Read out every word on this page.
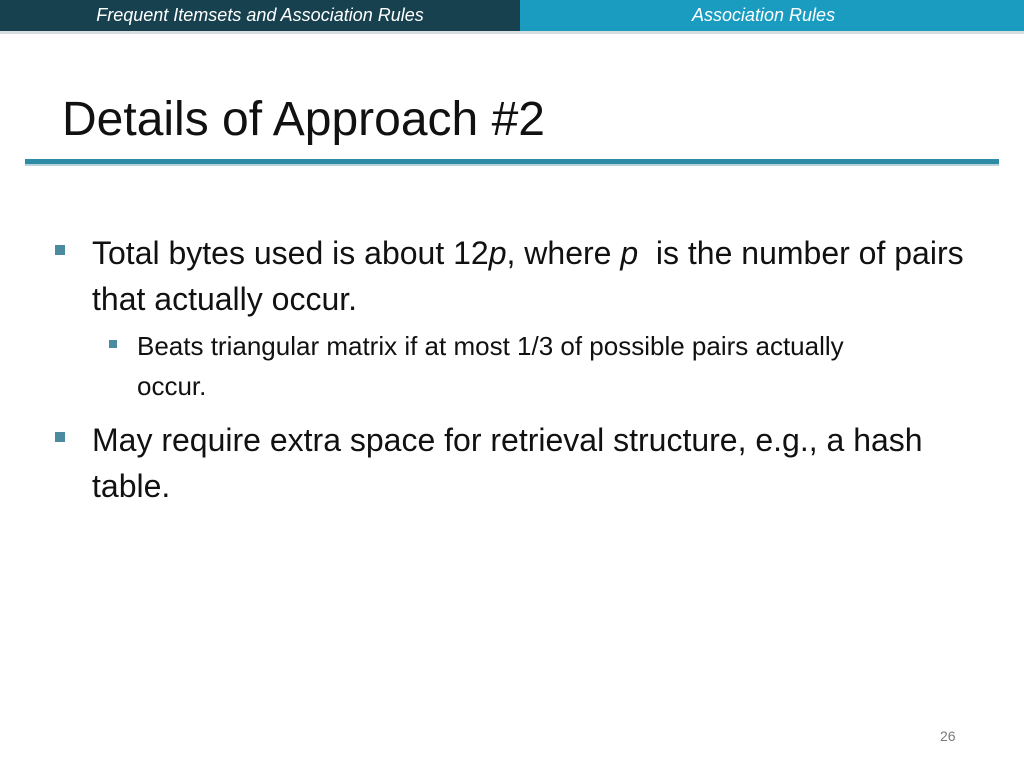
Frequent Itemsets and Association Rules	Association Rules
Details of Approach #2
Total bytes used is about 12p, where p  is the number of pairs that actually occur.
Beats triangular matrix if at most 1/3 of possible pairs actually occur.
May require extra space for retrieval structure, e.g., a hash table.
26
